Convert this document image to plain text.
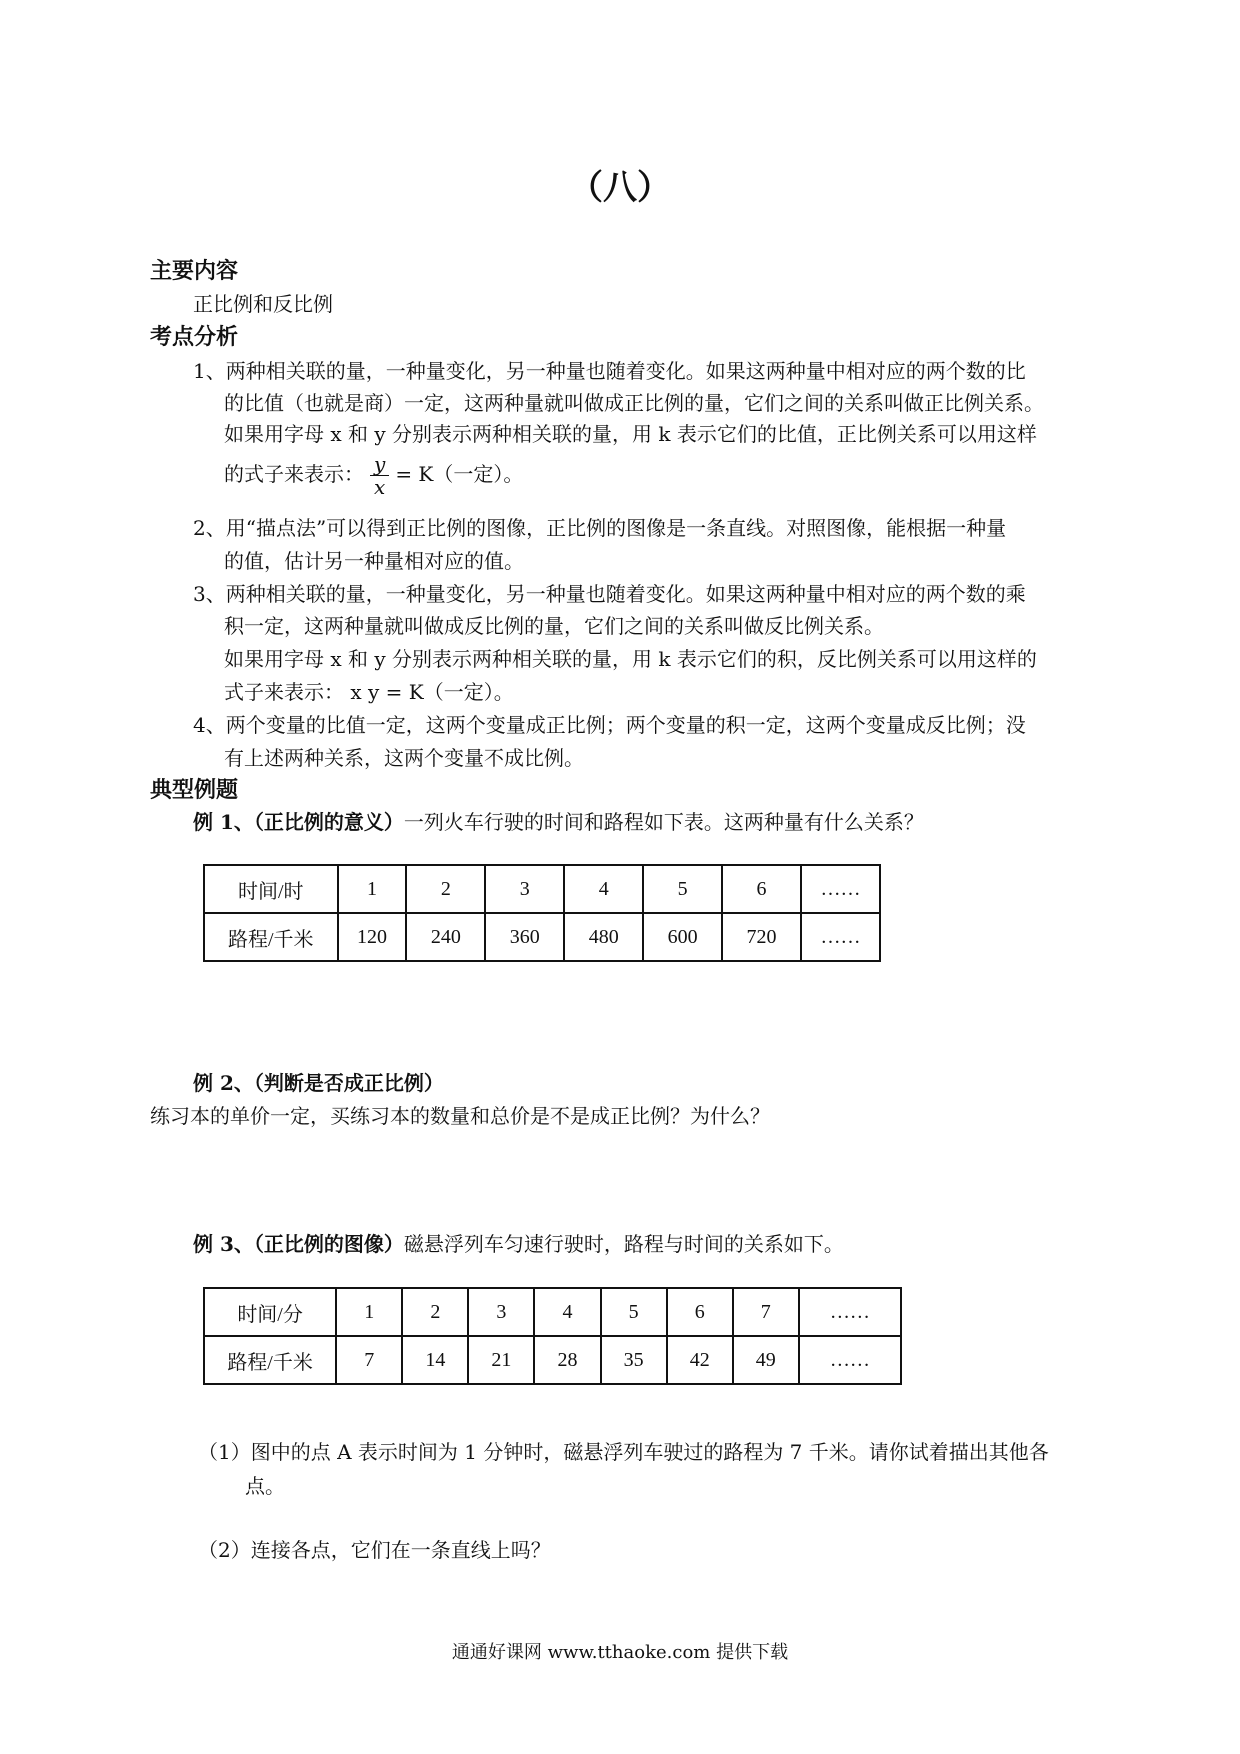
（八）

主要内容

正比例和反比例

考点分析

1、两种相关联的量，一种量变化，另一种量也随着变化。如果这两种量中相对应的两个数的比

的比值（也就是商）一定，这两种量就叫做成正比例的量，它们之间的关系叫做正比例关系。

如果用字母 x 和 y 分别表示两种相关联的量，用 k 表示它们的比值，正比例关系可以用这样

的式子来表示： $\frac{y}{x} = K$（一定）。

2、用“描点法”可以得到正比例的图像，正比例的图像是一条直线。对照图像，能根据一种量

的值，估计另一种量相对应的值。

3、两种相关联的量，一种量变化，另一种量也随着变化。如果这两种量中相对应的两个数的乘

积一定，这两种量就叫做成反比例的量，它们之间的关系叫做反比例关系。

如果用字母 x 和 y 分别表示两种相关联的量，用 k 表示它们的积，反比例关系可以用这样的

式子来表示： x y = K（一定）。

4、两个变量的比值一定，这两个变量成正比例；两个变量的积一定，这两个变量成反比例；没

有上述两种关系，这两个变量不成比例。

典型例题

例 1、（正比例的意义）一列火车行驶的时间和路程如下表。这两种量有什么关系？

时间/时	1	2	3	4	5	6	……
路程/千米	120	240	360	480	600	720	……

例 2、（判断是否成正比例）

练习本的单价一定，买练习本的数量和总价是不是成正比例？为什么？

例 3、（正比例的图像）磁悬浮列车匀速行驶时，路程与时间的关系如下。

时间/分	1	2	3	4	5	6	7	……
路程/千米	7	14	21	28	35	42	49	……

（1）图中的点 A 表示时间为 1 分钟时，磁悬浮列车驶过的路程为 7 千米。请你试着描出其他各

点。

（2）连接各点，它们在一条直线上吗？

通通好课网 www.tthaoke.com 提供下载
